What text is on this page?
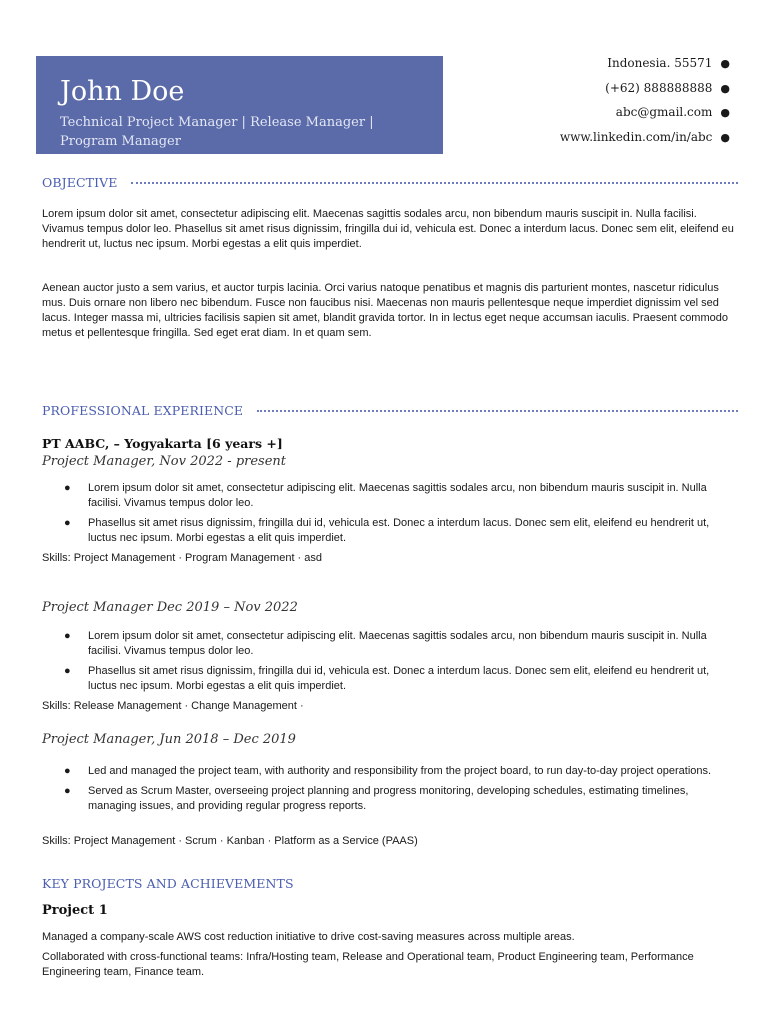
John Doe
Technical Project Manager | Release Manager | Program Manager
Indonesia. 55571 ●
(+62) 888888888 ●
abc@gmail.com ●
www.linkedin.com/in/abc ●
OBJECTIVE

Lorem ipsum dolor sit amet, consectetur adipiscing elit. Maecenas sagittis sodales arcu, non bibendum mauris suscipit in. Nulla facilisi. Vivamus tempus dolor leo. Phasellus sit amet risus dignissim, fringilla dui id, vehicula est. Donec a interdum lacus. Donec sem elit, eleifend eu hendrerit ut, luctus nec ipsum. Morbi egestas a elit quis imperdiet.

Aenean auctor justo a sem varius, et auctor turpis lacinia. Orci varius natoque penatibus et magnis dis parturient montes, nascetur ridiculus mus. Duis ornare non libero nec bibendum. Fusce non faucibus nisi. Maecenas non mauris pellentesque neque imperdiet dignissim vel sed lacus. Integer massa mi, ultricies facilisis sapien sit amet, blandit gravida tortor. In in lectus eget neque accumsan iaculis. Praesent commodo metus et pellentesque fringilla. Sed eget erat diam. In et quam sem.

PROFESSIONAL EXPERIENCE
PT AABC, – Yogyakarta [6 years +]
Project Manager, Nov 2022 - present
● Lorem ipsum dolor sit amet, consectetur adipiscing elit. Maecenas sagittis sodales arcu, non bibendum mauris suscipit in. Nulla facilisi. Vivamus tempus dolor leo.
● Phasellus sit amet risus dignissim, fringilla dui id, vehicula est. Donec a interdum lacus. Donec sem elit, eleifend eu hendrerit ut, luctus nec ipsum. Morbi egestas a elit quis imperdiet.
Skills: Project Management · Program Management · asd
Project Manager Dec 2019 – Nov 2022
● Lorem ipsum dolor sit amet, consectetur adipiscing elit. Maecenas sagittis sodales arcu, non bibendum mauris suscipit in. Nulla facilisi. Vivamus tempus dolor leo.
● Phasellus sit amet risus dignissim, fringilla dui id, vehicula est. Donec a interdum lacus. Donec sem elit, eleifend eu hendrerit ut, luctus nec ipsum. Morbi egestas a elit quis imperdiet.
Skills: Release Management · Change Management ·
Project Manager, Jun 2018 – Dec 2019
● Led and managed the project team, with authority and responsibility from the project board, to run day-to-day project operations.
● Served as Scrum Master, overseeing project planning and progress monitoring, developing schedules, estimating timelines, managing issues, and providing regular progress reports.
Skills: Project Management · Scrum · Kanban · Platform as a Service (PAAS)
KEY PROJECTS AND ACHIEVEMENTS
Project 1

Managed a company-scale AWS cost reduction initiative to drive cost-saving measures across multiple areas.

Collaborated with cross-functional teams: Infra/Hosting team, Release and Operational team, Product Engineering team, Performance Engineering team, Finance team.
